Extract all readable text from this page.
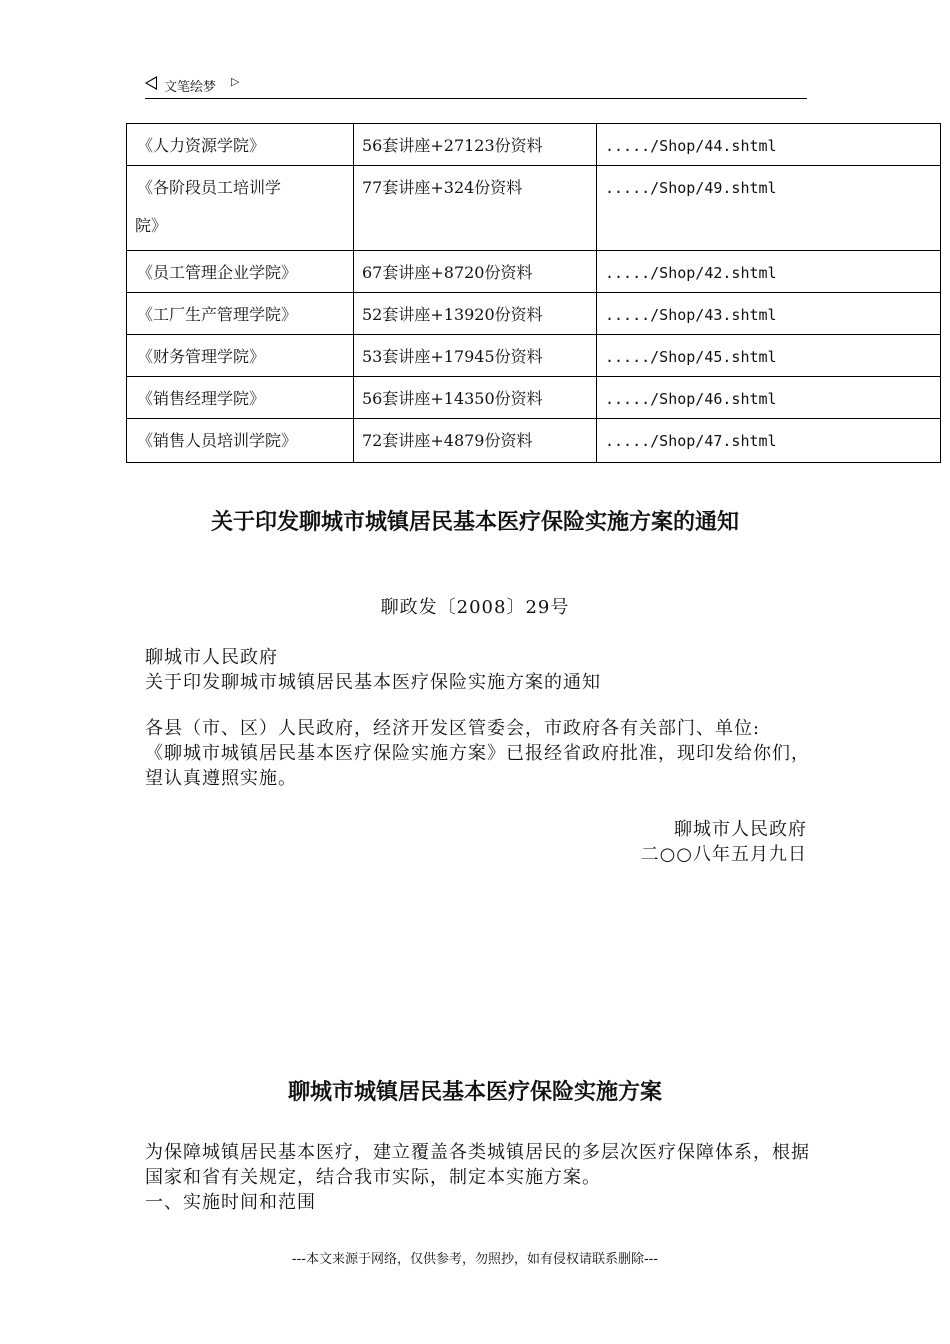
文笔绘梦 ▷
《人力资源学院》	56套讲座+27123份资料	...../Shop/44.shtml

《各阶段员工培训学
院》	77套讲座+324份资料	...../Shop/49.shtml
《员工管理企业学院》	67套讲座+8720份资料	...../Shop/42.shtml
《工厂生产管理学院》	52套讲座+13920份资料	...../Shop/43.shtml
《财务管理学院》	53套讲座+17945份资料	...../Shop/45.shtml
《销售经理学院》	56套讲座+14350份资料	...../Shop/46.shtml
《销售人员培训学院》	72套讲座+4879份资料	...../Shop/47.shtml
关于印发聊城市城镇居民基本医疗保险实施方案的通知
聊政发〔2008〕29号

聊城市人民政府

关于印发聊城市城镇居民基本医疗保险实施方案的通知

各县（市、区）人民政府，经济开发区管委会，市政府各有关部门、单位:

《聊城市城镇居民基本医疗保险实施方案》已报经省政府批准，现印发给你们，望认真遵照实施。

聊城市人民政府
二○○八年五月九日
聊城市城镇居民基本医疗保险实施方案

为保障城镇居民基本医疗，建立覆盖各类城镇居民的多层次医疗保障体系，根据国家和省有关规定，结合我市实际，制定本实施方案。

一、实施时间和范围

---本文来源于网络，仅供参考，勿照抄，如有侵权请联系删除---
